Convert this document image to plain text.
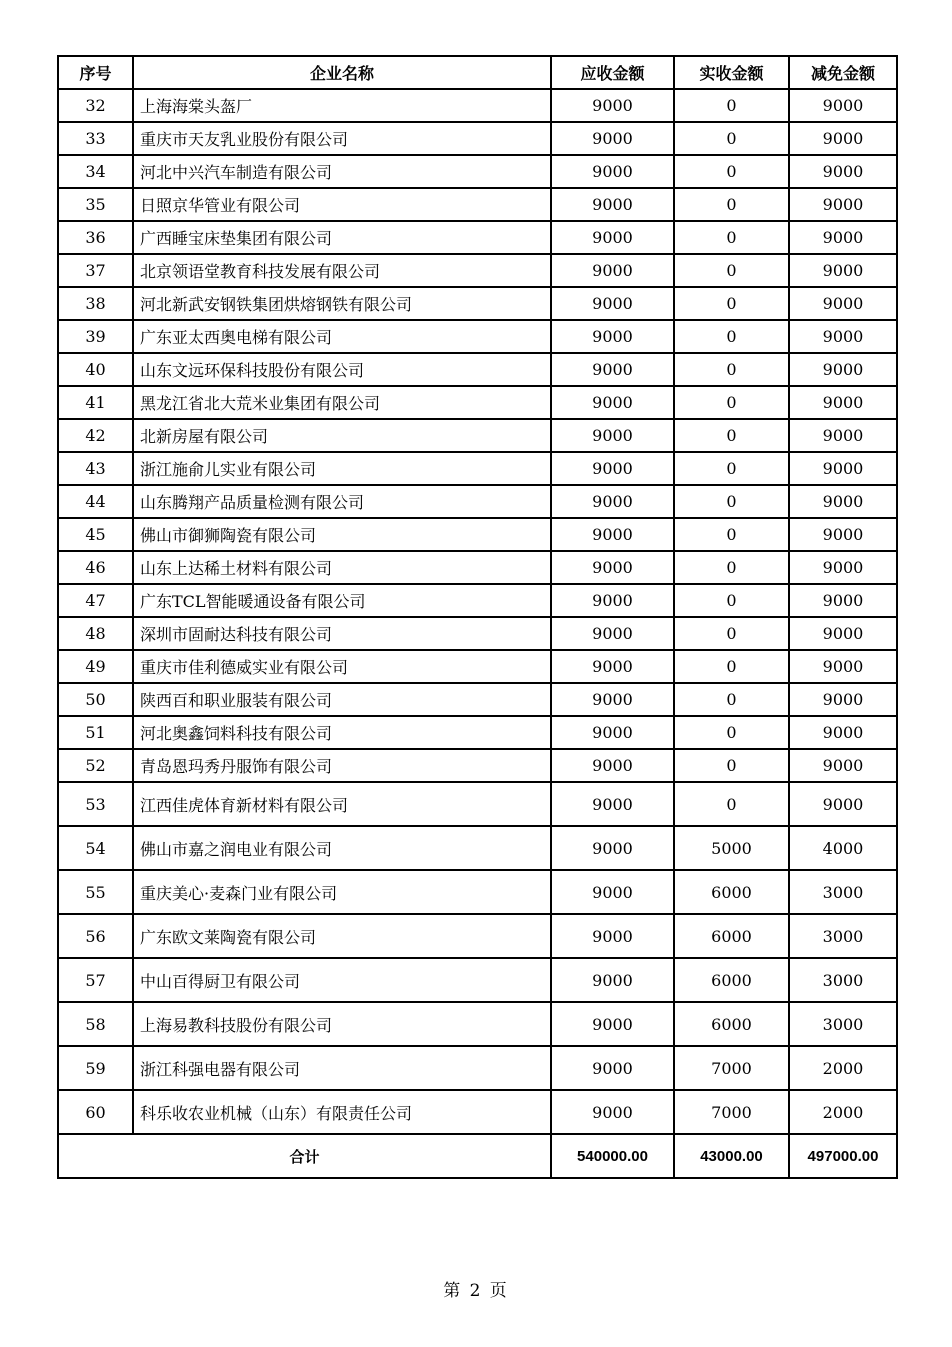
序号	企业名称	应收金额	实收金额	减免金额
32	上海海棠头盔厂	9000	0	9000
33	重庆市天友乳业股份有限公司	9000	0	9000
34	河北中兴汽车制造有限公司	9000	0	9000
35	日照京华管业有限公司	9000	0	9000
36	广西睡宝床垫集团有限公司	9000	0	9000
37	北京领语堂教育科技发展有限公司	9000	0	9000
38	河北新武安钢铁集团烘熔钢铁有限公司	9000	0	9000
39	广东亚太西奥电梯有限公司	9000	0	9000
40	山东文远环保科技股份有限公司	9000	0	9000
41	黑龙江省北大荒米业集团有限公司	9000	0	9000
42	北新房屋有限公司	9000	0	9000
43	浙江施俞儿实业有限公司	9000	0	9000
44	山东腾翔产品质量检测有限公司	9000	0	9000
45	佛山市御狮陶瓷有限公司	9000	0	9000
46	山东上达稀土材料有限公司	9000	0	9000
47	广东TCL智能暖通设备有限公司	9000	0	9000
48	深圳市固耐达科技有限公司	9000	0	9000
49	重庆市佳利德威实业有限公司	9000	0	9000
50	陕西百和职业服装有限公司	9000	0	9000
51	河北奥鑫饲料科技有限公司	9000	0	9000
52	青岛恩玛秀丹服饰有限公司	9000	0	9000
53	江西佳虎体育新材料有限公司	9000	0	9000
54	佛山市嘉之润电业有限公司	9000	5000	4000
55	重庆美心·麦森门业有限公司	9000	6000	3000
56	广东欧文莱陶瓷有限公司	9000	6000	3000
57	中山百得厨卫有限公司	9000	6000	3000
58	上海易教科技股份有限公司	9000	6000	3000
59	浙江科强电器有限公司	9000	7000	2000
60	科乐收农业机械（山东）有限责任公司	9000	7000	2000
合计		540000.00	43000.00	497000.00
第 2 页
